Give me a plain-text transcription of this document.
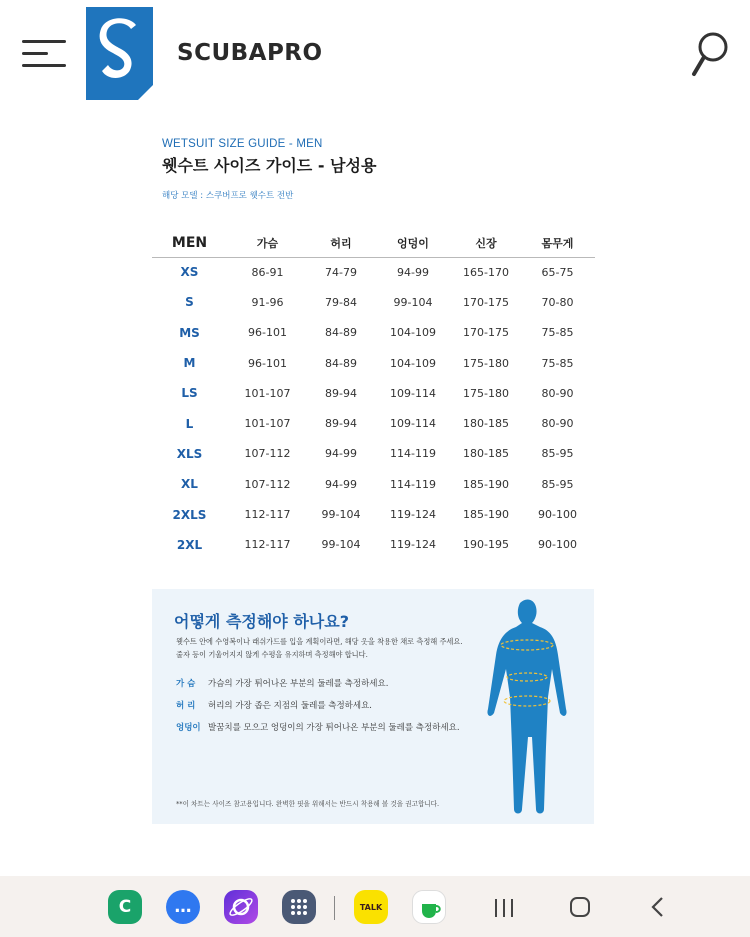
SCUBAPRO
WETSUIT SIZE GUIDE - MEN
웻수트 사이즈 가이드 - 남성용
해당 모델 : 스쿠버프로 웻수트 전반
MEN	가슴	허리	엉덩이	신장	몸무게
XS	86-91	74-79	94-99	165-170	65-75
S	91-96	79-84	99-104	170-175	70-80
MS	96-101	84-89	104-109	170-175	75-85
M	96-101	84-89	104-109	175-180	75-85
LS	101-107	89-94	109-114	175-180	80-90
L	101-107	89-94	109-114	180-185	80-90
XLS	107-112	94-99	114-119	180-185	85-95
XL	107-112	94-99	114-119	185-190	85-95
2XLS	112-117	99-104	119-124	185-190	90-100
2XL	112-117	99-104	119-124	190-195	90-100
어떻게 측정해야 하나요?
웻수트 안에 수영복이나 래쉬가드를 입을 계획이라면, 해당 옷을 착용한 채로 측정해 주세요.
줄자 등이 기울어지지 않게 수평을 유지하며 측정해야 합니다.
가 슴 가슴의 가장 튀어나온 부분의 둘레를 측정하세요.
허 리 허리의 가장 좁은 지점의 둘레를 측정하세요.
엉덩이 발꿈치를 모으고 엉덩이의 가장 튀어나온 부분의 둘레를 측정하세요.
**이 차트는 사이즈 참고용입니다. 완벽한 핏을 위해서는 반드시 착용해 볼 것을 권고합니다.
C	…	TALK
